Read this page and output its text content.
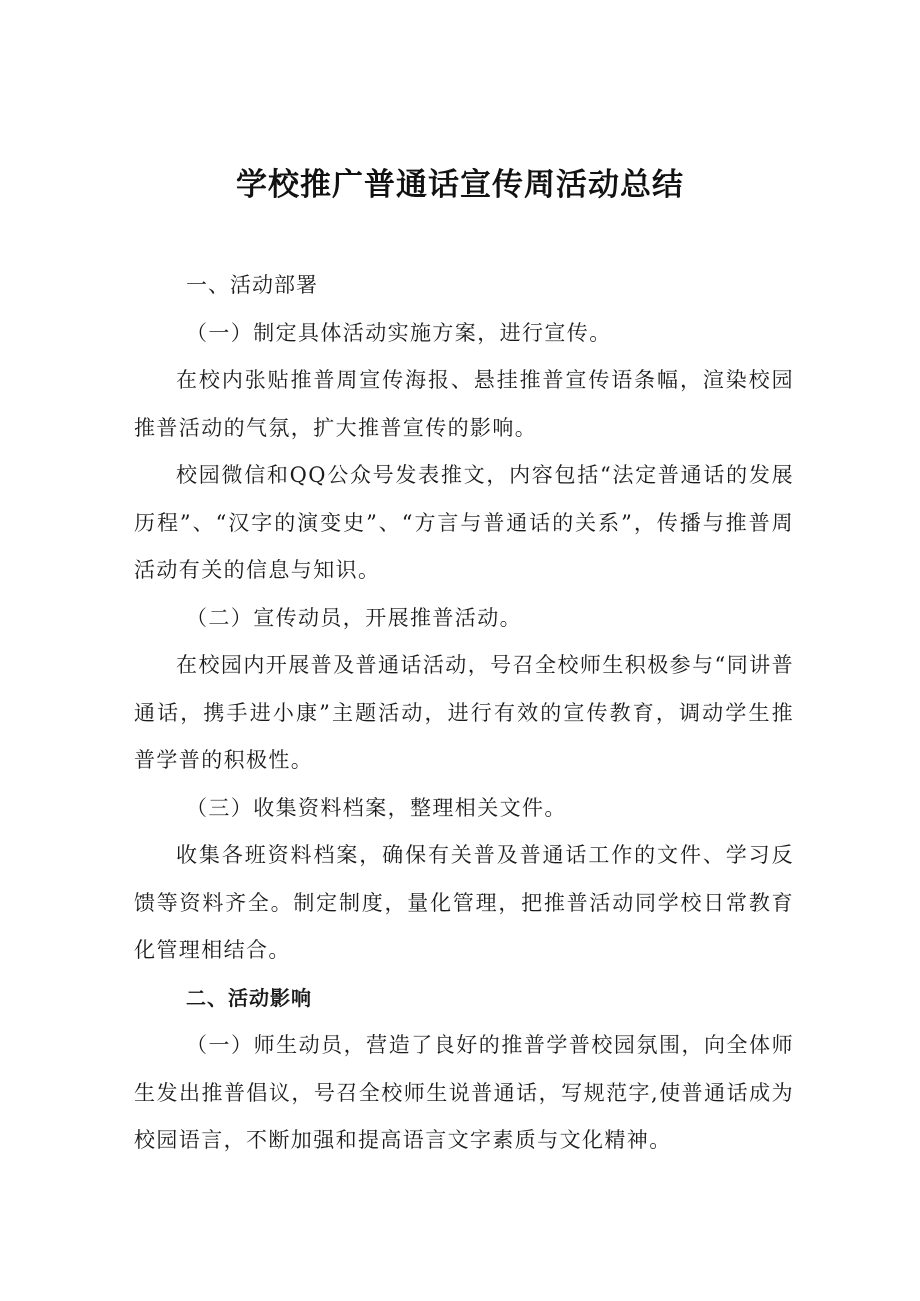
学校推广普通话宣传周活动总结

一、活动部署

（一）制定具体活动实施方案，进行宣传。

在校内张贴推普周宣传海报、悬挂推普宣传语条幅，渲染校园推普活动的气氛，扩大推普宣传的影响。

校园微信和QQ公众号发表推文，内容包括“法定普通话的发展历程”、“汉字的演变史”、“方言与普通话的关系”，传播与推普周活动有关的信息与知识。

（二）宣传动员，开展推普活动。

在校园内开展普及普通话活动，号召全校师生积极参与“同讲普通话，携手进小康”主题活动，进行有效的宣传教育，调动学生推普学普的积极性。

（三）收集资料档案，整理相关文件。

收集各班资料档案，确保有关普及普通话工作的文件、学习反馈等资料齐全。制定制度，量化管理，把推普活动同学校日常教育化管理相结合。

二、活动影响

（一）师生动员，营造了良好的推普学普校园氛围，向全体师生发出推普倡议，号召全校师生说普通话，写规范字,使普通话成为校园语言，不断加强和提高语言文字素质与文化精神。
